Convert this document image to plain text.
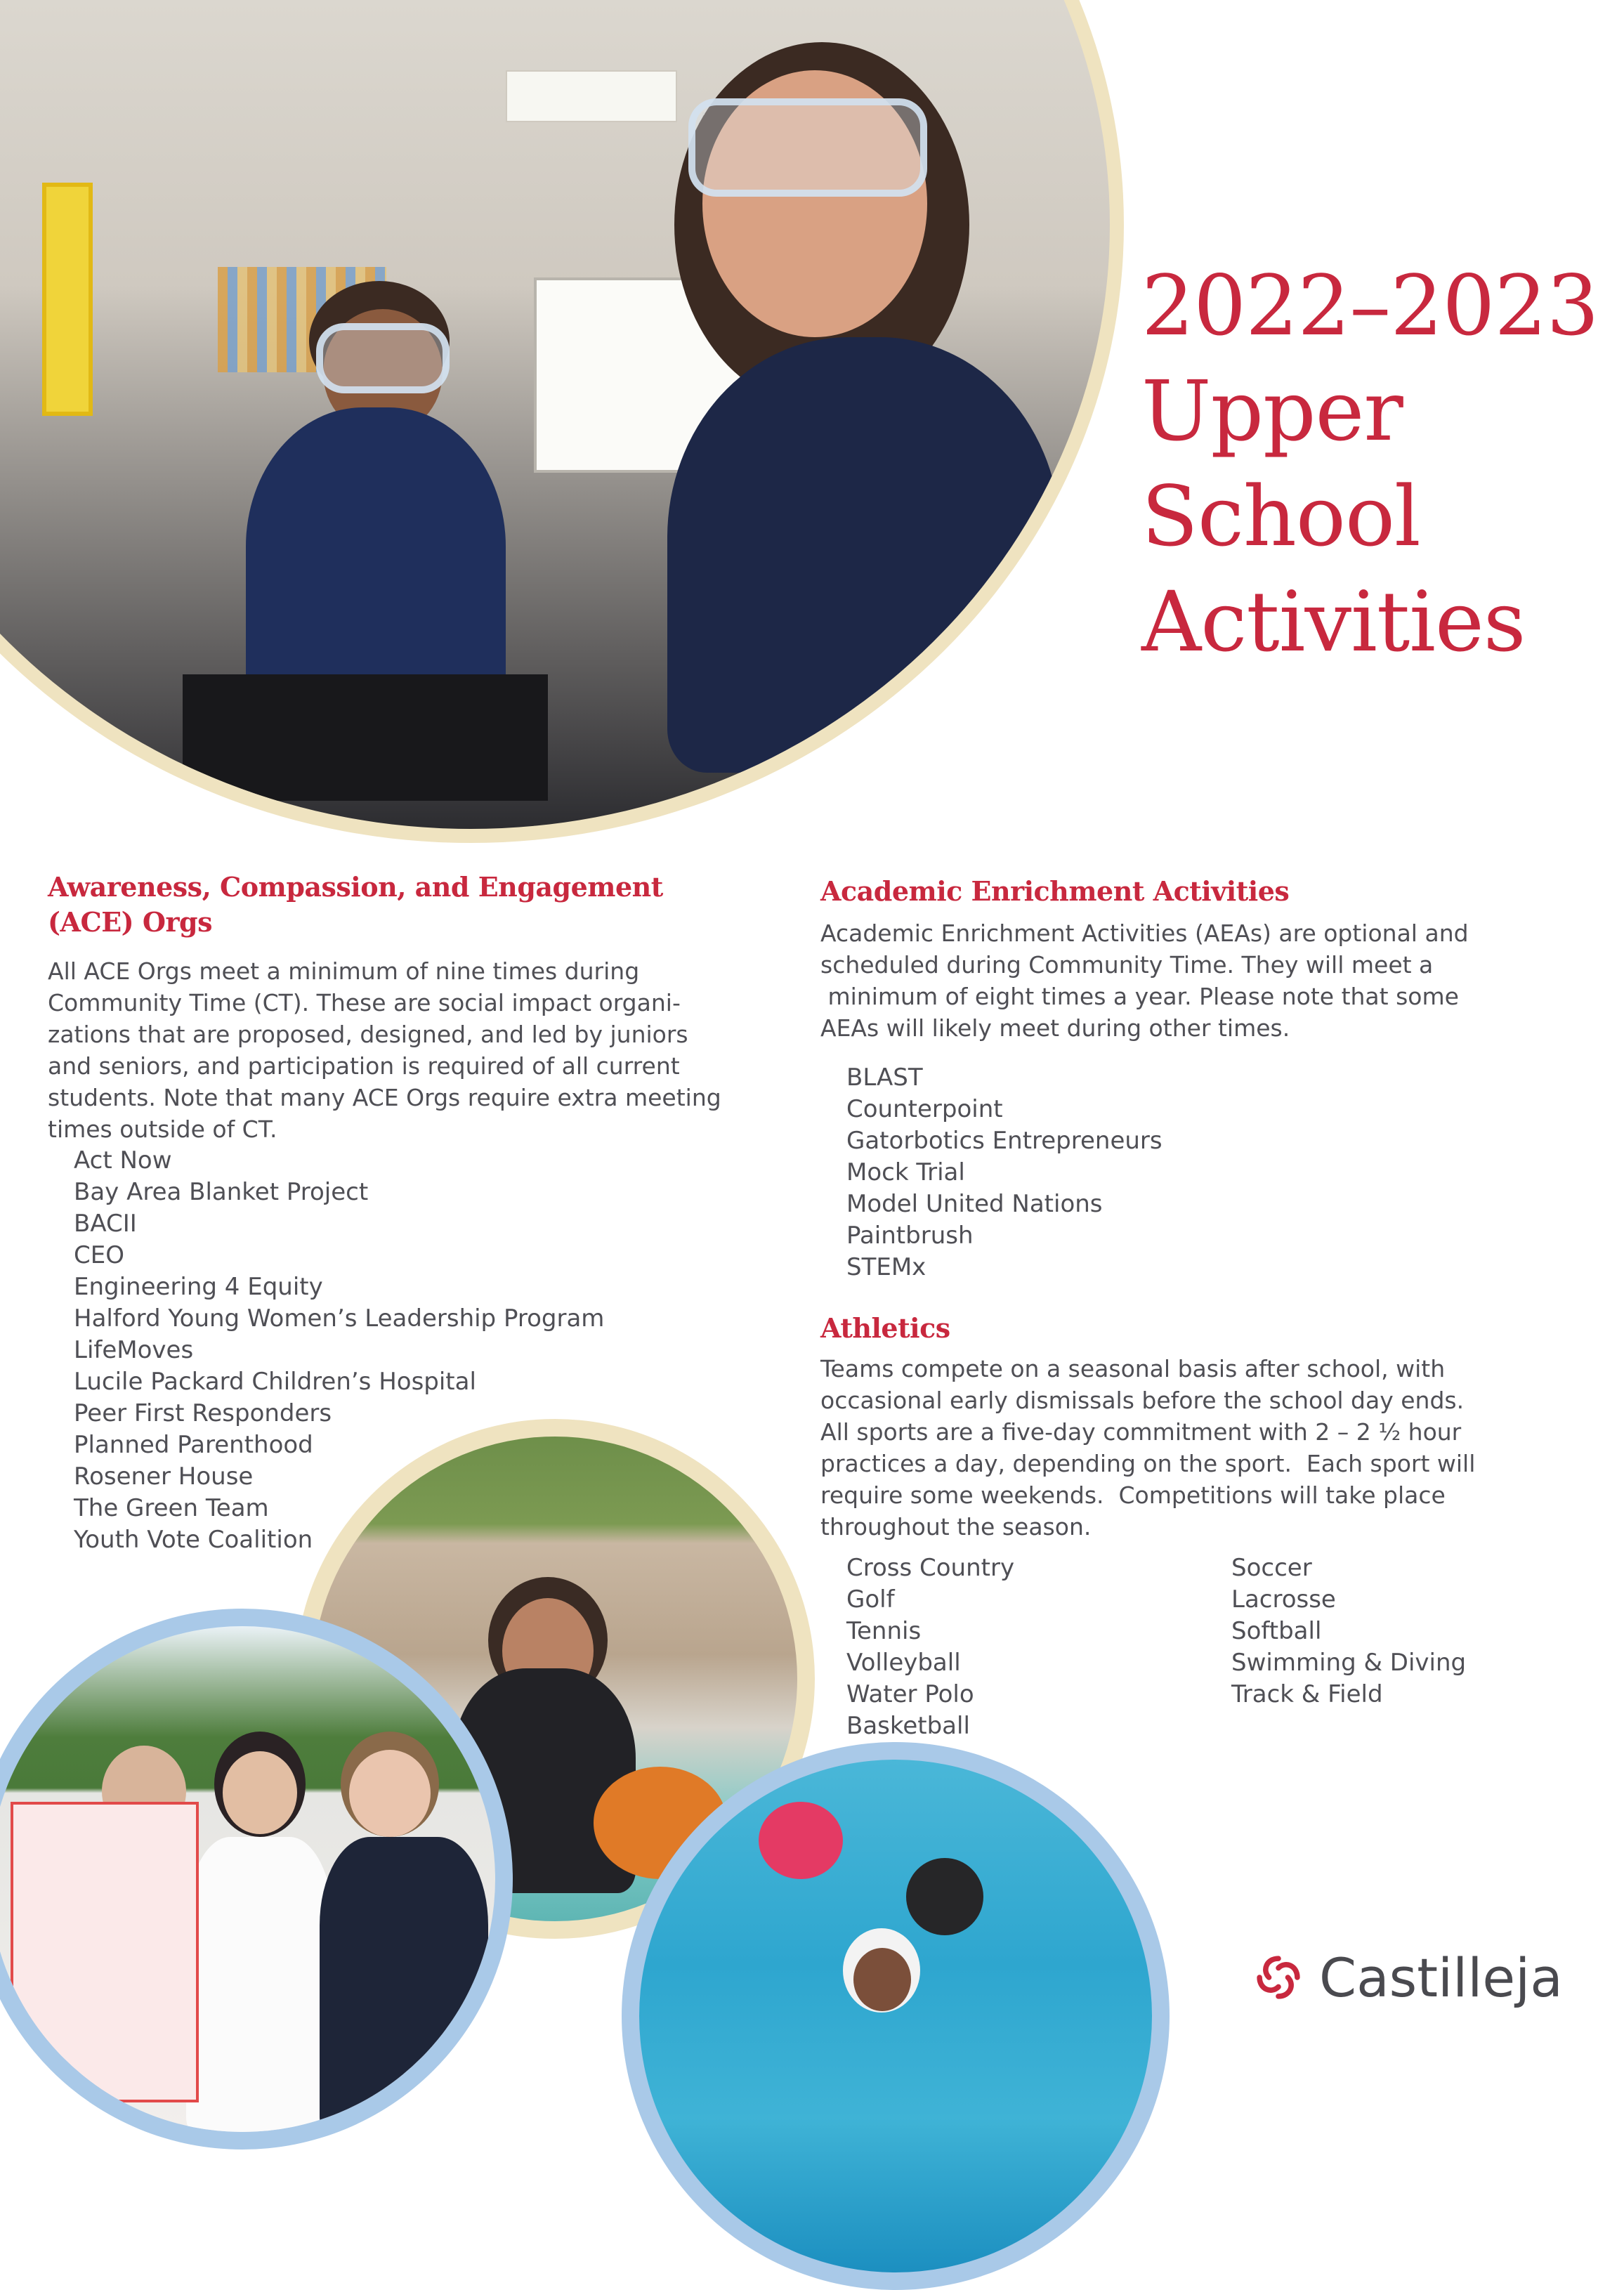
2022–2023
Upper
School
Activities
Awareness, Compassion, and Engagement
(ACE) Orgs
All ACE Orgs meet a minimum of nine times during
Community Time (CT). These are social impact organi-
zations that are proposed, designed, and led by juniors
and seniors, and participation is required of all current
students. Note that many ACE Orgs require extra meeting
times outside of CT.
Act Now
Bay Area Blanket Project
BACII
CEO
Engineering 4 Equity
Halford Young Women’s Leadership Program
LifeMoves
Lucile Packard Children’s Hospital
Peer First Responders
Planned Parenthood
Rosener House
The Green Team
Youth Vote Coalition
Academic Enrichment Activities
Academic Enrichment Activities (AEAs) are optional and
scheduled during Community Time. They will meet a
minimum of eight times a year. Please note that some
AEAs will likely meet during other times.
BLAST
Counterpoint
Gatorbotics Entrepreneurs
Mock Trial
Model United Nations
Paintbrush
STEMx
Athletics
Teams compete on a seasonal basis after school, with
occasional early dismissals before the school day ends.
All sports are a five-day commitment with 2 – 2 ½ hour
practices a day, depending on the sport.  Each sport will
require some weekends.  Competitions will take place
throughout the season.
Cross Country
Golf
Tennis
Volleyball
Water Polo
Basketball
Soccer
Lacrosse
Softball
Swimming & Diving
Track & Field
Castilleja
